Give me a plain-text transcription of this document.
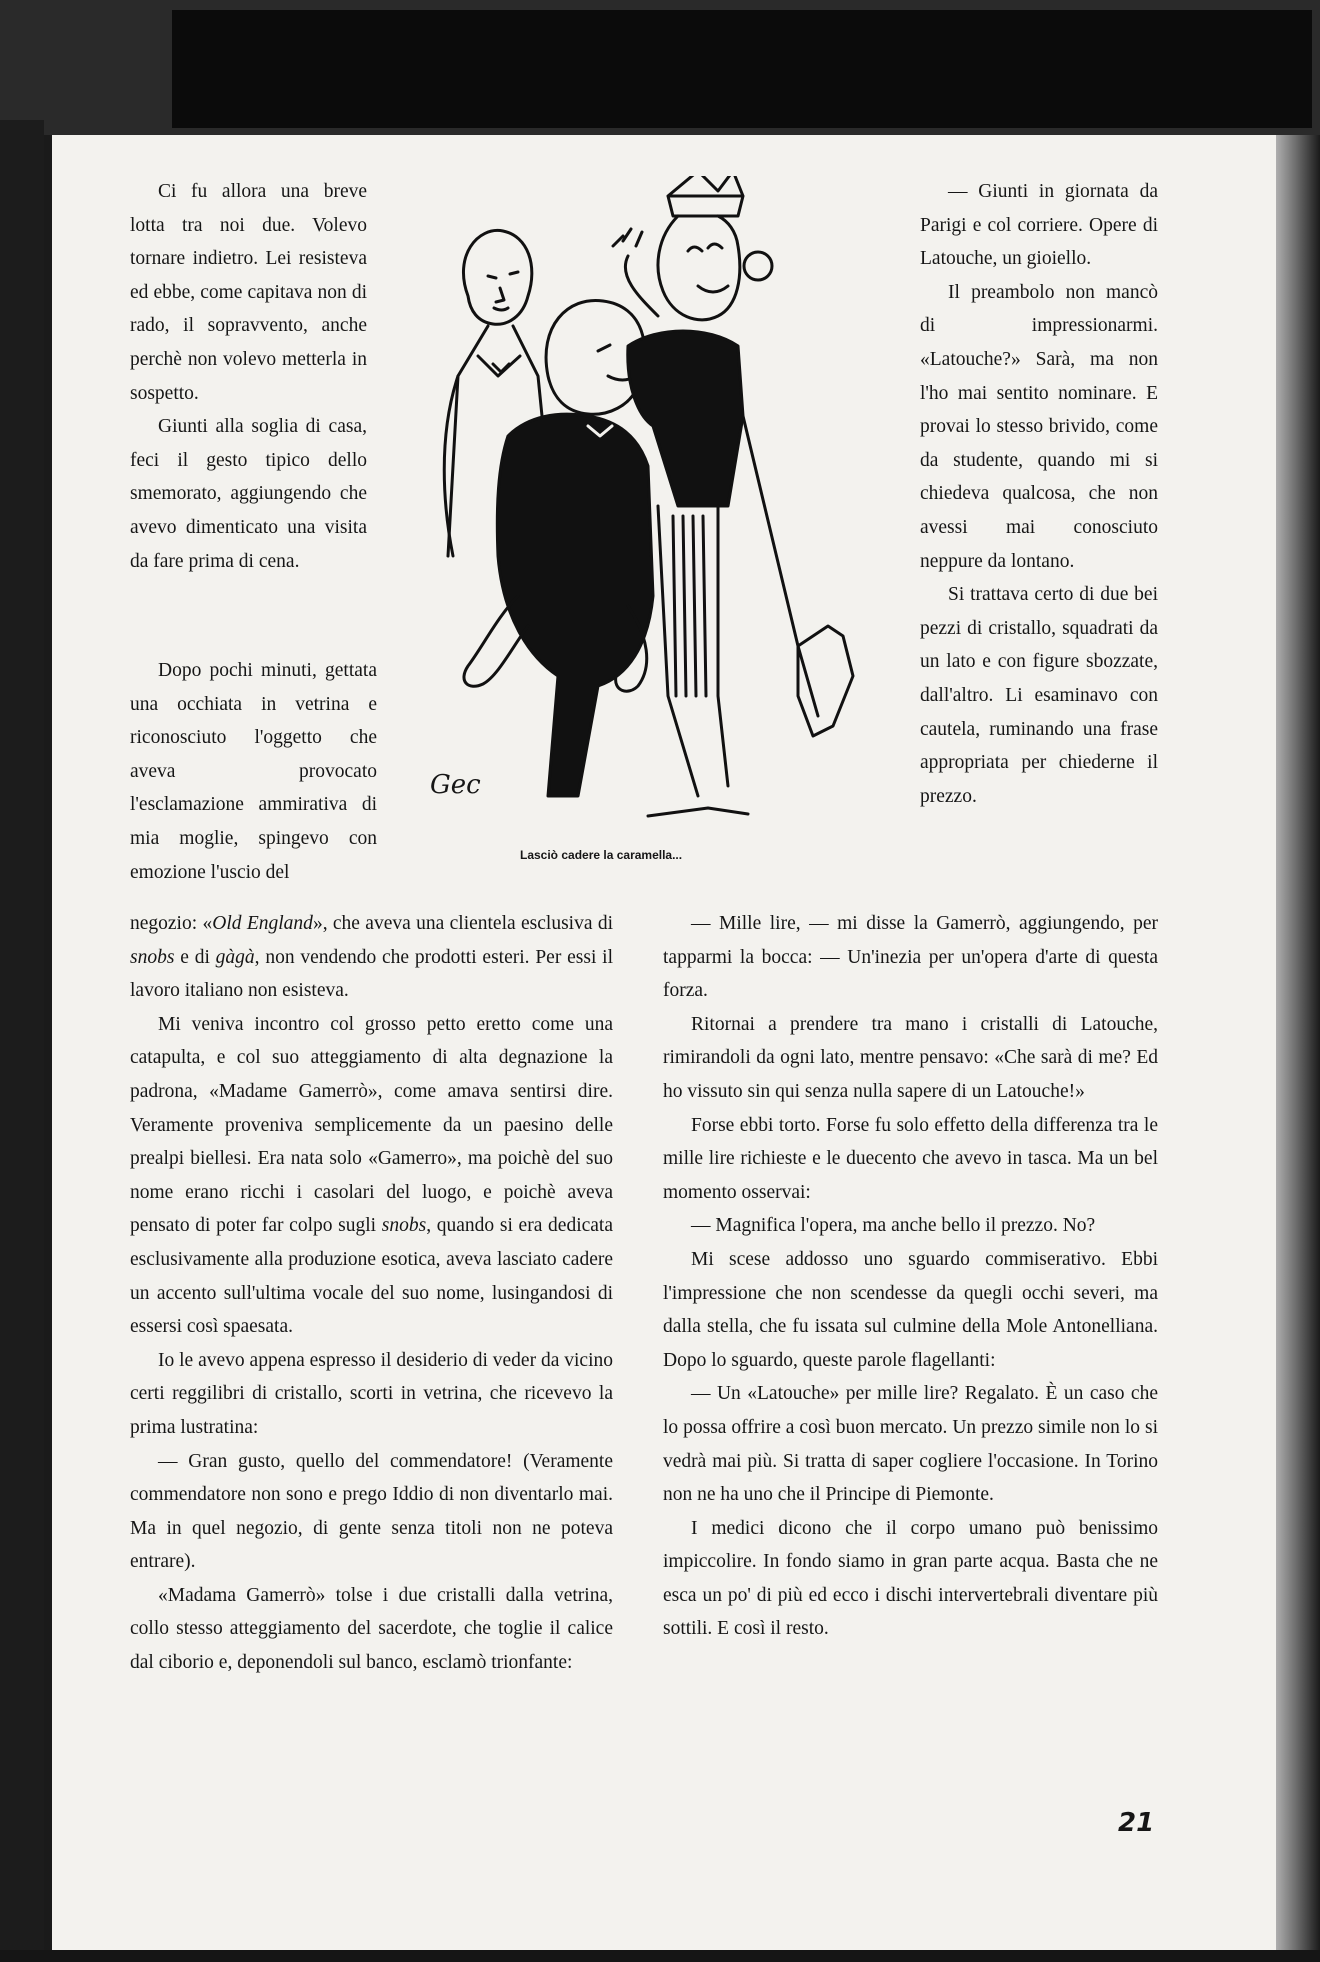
Ci fu allora una breve lotta tra noi due. Volevo tornare indietro. Lei resisteva ed ebbe, come capitava non di rado, il sopravvento, anche perchè non volevo metterla in sospetto.

Giunti alla soglia di casa, feci il gesto tipico dello smemorato, aggiungendo che avevo dimenticato una visita da fare prima di cena.

Dopo pochi minuti, gettata una occhiata in vetrina e riconosciuto l'oggetto che aveva provocato l'esclamazione ammirativa di mia moglie, spingevo con emozione l'uscio del

Gec
Lasciò cadere la caramella...

— Giunti in giornata da Parigi e col corriere. Opere di Latouche, un gioiello.

Il preambolo non mancò di impressionarmi. «Latouche?» Sarà, ma non l'ho mai sentito nominare. E provai lo stesso brivido, come da studente, quando mi si chiedeva qualcosa, che non avessi mai conosciuto neppure da lontano.

Si trattava certo di due bei pezzi di cristallo, squadrati da un lato e con figure sbozzate, dall'altro. Li esaminavo con cautela, ruminando una frase appropriata per chiederne il prezzo.

negozio: «Old England», che aveva una clientela esclusiva di snobs e di gàgà, non vendendo che prodotti esteri. Per essi il lavoro italiano non esisteva.

Mi veniva incontro col grosso petto eretto come una catapulta, e col suo atteggiamento di alta degnazione la padrona, «Madame Gamerrò», come amava sentirsi dire. Veramente proveniva semplicemente da un paesino delle prealpi biellesi. Era nata solo «Gamerro», ma poichè del suo nome erano ricchi i casolari del luogo, e poichè aveva pensato di poter far colpo sugli snobs, quando si era dedicata esclusivamente alla produzione esotica, aveva lasciato cadere un accento sull'ultima vocale del suo nome, lusingandosi di essersi così spaesata.

Io le avevo appena espresso il desiderio di veder da vicino certi reggilibri di cristallo, scorti in vetrina, che ricevevo la prima lustratina:

— Gran gusto, quello del commendatore! (Veramente commendatore non sono e prego Iddio di non diventarlo mai. Ma in quel negozio, di gente senza titoli non ne poteva entrare).

«Madama Gamerrò» tolse i due cristalli dalla vetrina, collo stesso atteggiamento del sacerdote, che toglie il calice dal ciborio e, deponendoli sul banco, esclamò trionfante:

— Mille lire, — mi disse la Gamerrò, aggiungendo, per tapparmi la bocca: — Un'inezia per un'opera d'arte di questa forza.

Ritornai a prendere tra mano i cristalli di Latouche, rimirandoli da ogni lato, mentre pensavo: «Che sarà di me? Ed ho vissuto sin qui senza nulla sapere di un Latouche!»

Forse ebbi torto. Forse fu solo effetto della differenza tra le mille lire richieste e le duecento che avevo in tasca. Ma un bel momento osservai:

— Magnifica l'opera, ma anche bello il prezzo. No?

Mi scese addosso uno sguardo commiserativo. Ebbi l'impressione che non scendesse da quegli occhi severi, ma dalla stella, che fu issata sul culmine della Mole Antonelliana. Dopo lo sguardo, queste parole flagellanti:

— Un «Latouche» per mille lire? Regalato. È un caso che lo possa offrire a così buon mercato. Un prezzo simile non lo si vedrà mai più. Si tratta di saper cogliere l'occasione. In Torino non ne ha uno che il Principe di Piemonte.

I medici dicono che il corpo umano può benissimo impiccolire. In fondo siamo in gran parte acqua. Basta che ne esca un po' di più ed ecco i dischi intervertebrali diventare più sottili. E così il resto.

21
